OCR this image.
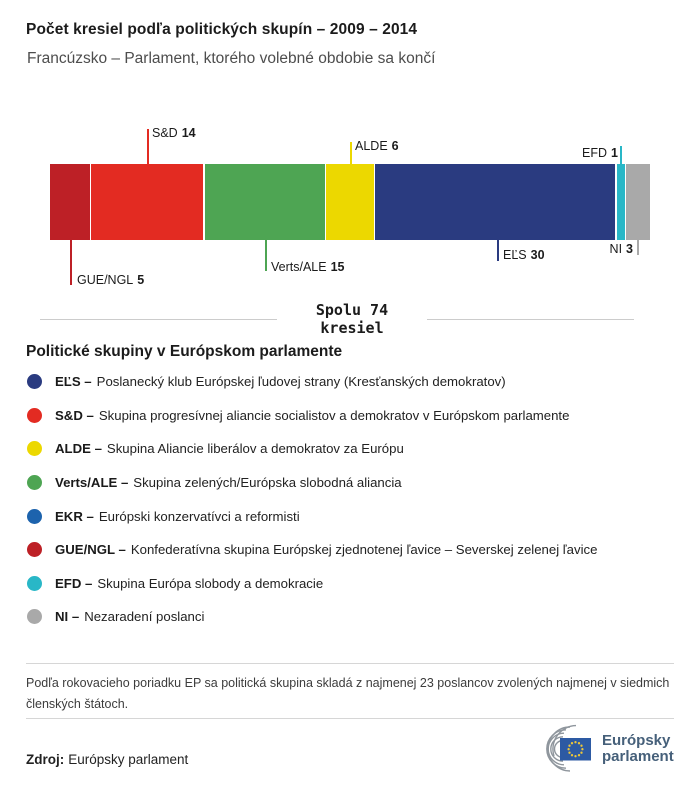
Počet kresiel podľa politických skupín – 2009 – 2014
Francúzsko – Parlament, ktorého volebné obdobie sa končí
S&D 14
ALDE 6	EFD 1
GUE/NGL 5
Verts/ALE 15
EĽS 30	NI 3
Spolu 74
kresiel
Politické skupiny v Európskom parlamente
EĽS – Poslanecký klub Európskej ľudovej strany (Kresťanských demokratov)
S&D – Skupina progresívnej aliancie socialistov a demokratov v Európskom parlamente
ALDE – Skupina Aliancie liberálov a demokratov za Európu
Verts/ALE – Skupina zelených/Európska slobodná aliancia
EKR – Európski konzervatívci a reformisti
GUE/NGL – Konfederatívna skupina Európskej zjednotenej ľavice – Severskej zelenej ľavice
EFD – Skupina Európa slobody a demokracie
NI – Nezaradení poslanci
Podľa rokovacieho poriadku EP sa politická skupina skladá z najmenej 23 poslancov zvolených najmenej v siedmich členských štátoch.
Zdroj: Európsky parlament
Európsky
parlament
